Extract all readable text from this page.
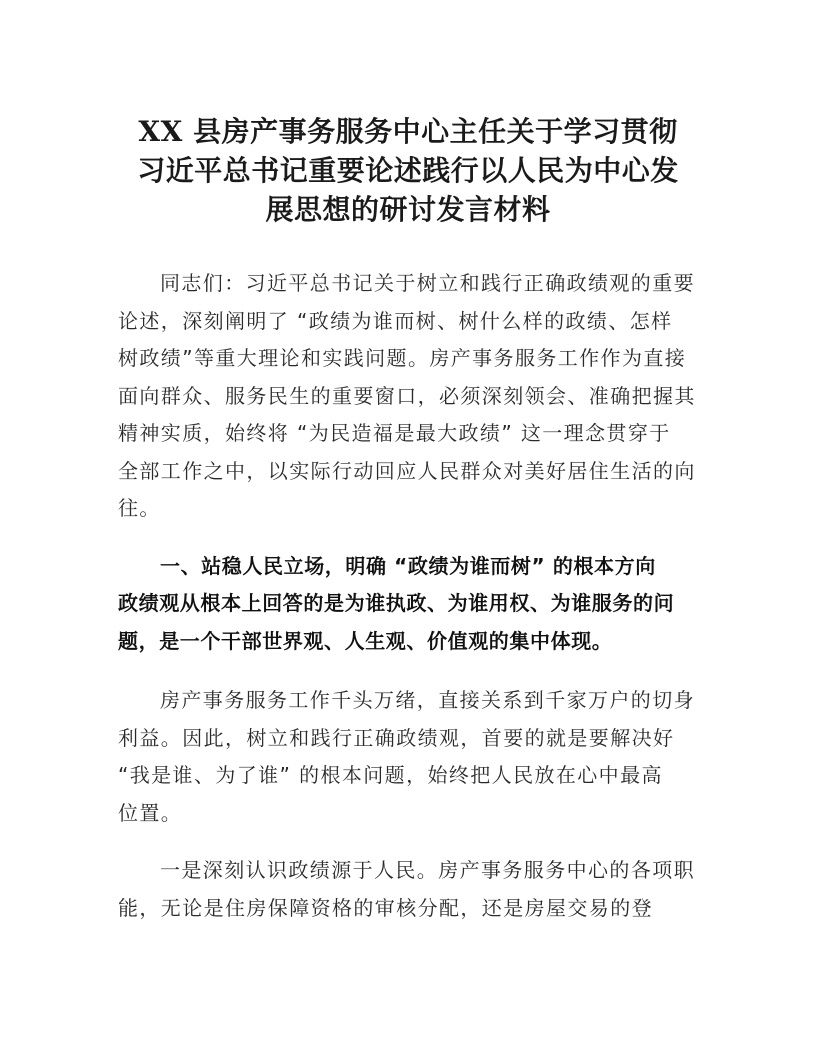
XX 县房产事务服务中心主任关于学习贯彻
习近平总书记重要论述践行以人民为中心发
展思想的研讨发言材料

同志们：习近平总书记关于树立和践行正确政绩观的重要
论述，深刻阐明了 “政绩为谁而树、树什么样的政绩、怎样
树政绩”等重大理论和实践问题。房产事务服务工作作为直接
面向群众、服务民生的重要窗口，必须深刻领会、准确把握其
精神实质，始终将 “为民造福是最大政绩” 这一理念贯穿于
全部工作之中，以实际行动回应人民群众对美好居住生活的向
往。

一、站稳人民立场，明确 “政绩为谁而树” 的根本方向
政绩观从根本上回答的是为谁执政、为谁用权、为谁服务的问
题，是一个干部世界观、人生观、价值观的集中体现。

房产事务服务工作千头万绪，直接关系到千家万户的切身
利益。因此，树立和践行正确政绩观，首要的就是要解决好
“我是谁、为了谁” 的根本问题，始终把人民放在心中最高
位置。

一是深刻认识政绩源于人民。房产事务服务中心的各项职
能，无论是住房保障资格的审核分配，还是房屋交易的登
